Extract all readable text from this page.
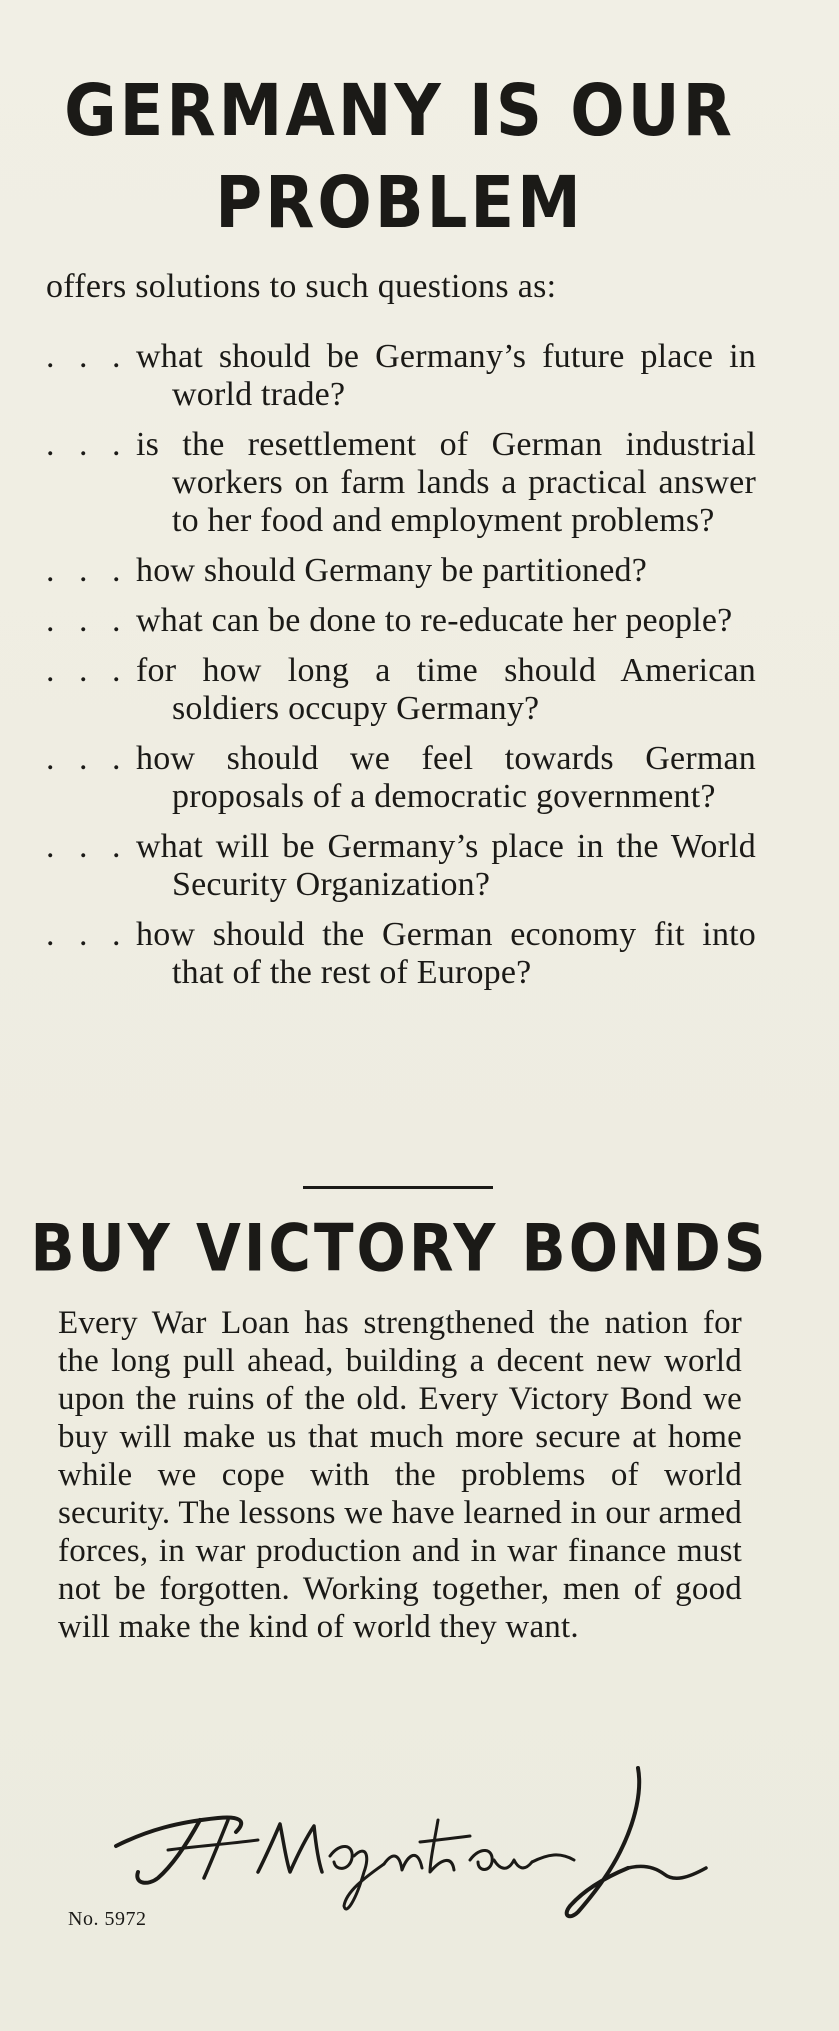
GERMANY IS OUR
PROBLEM
offers solutions to such questions as:
. . . what should be Germany’s future place in world trade?
. . . is the resettlement of German industrial workers on farm lands a practical answer to her food and employment problems?
. . . how should Germany be partitioned?
. . . what can be done to re-educate her people?
. . . for how long a time should American soldiers occupy Germany?
. . . how should we feel towards German proposals of a democratic government?
. . . what will be Germany’s place in the World Security Organization?
. . . how should the German economy fit into that of the rest of Europe?
BUY VICTORY BONDS

Every War Loan has strengthened the nation for the long pull ahead, building a decent new world upon the ruins of the old. Every Victory Bond we buy will make us that much more secure at home while we cope with the problems of world security. The lessons we have learned in our armed forces, in war production and in war finance must not be forgotten. Working together, men of good will make the kind of world they want.

No. 5972
